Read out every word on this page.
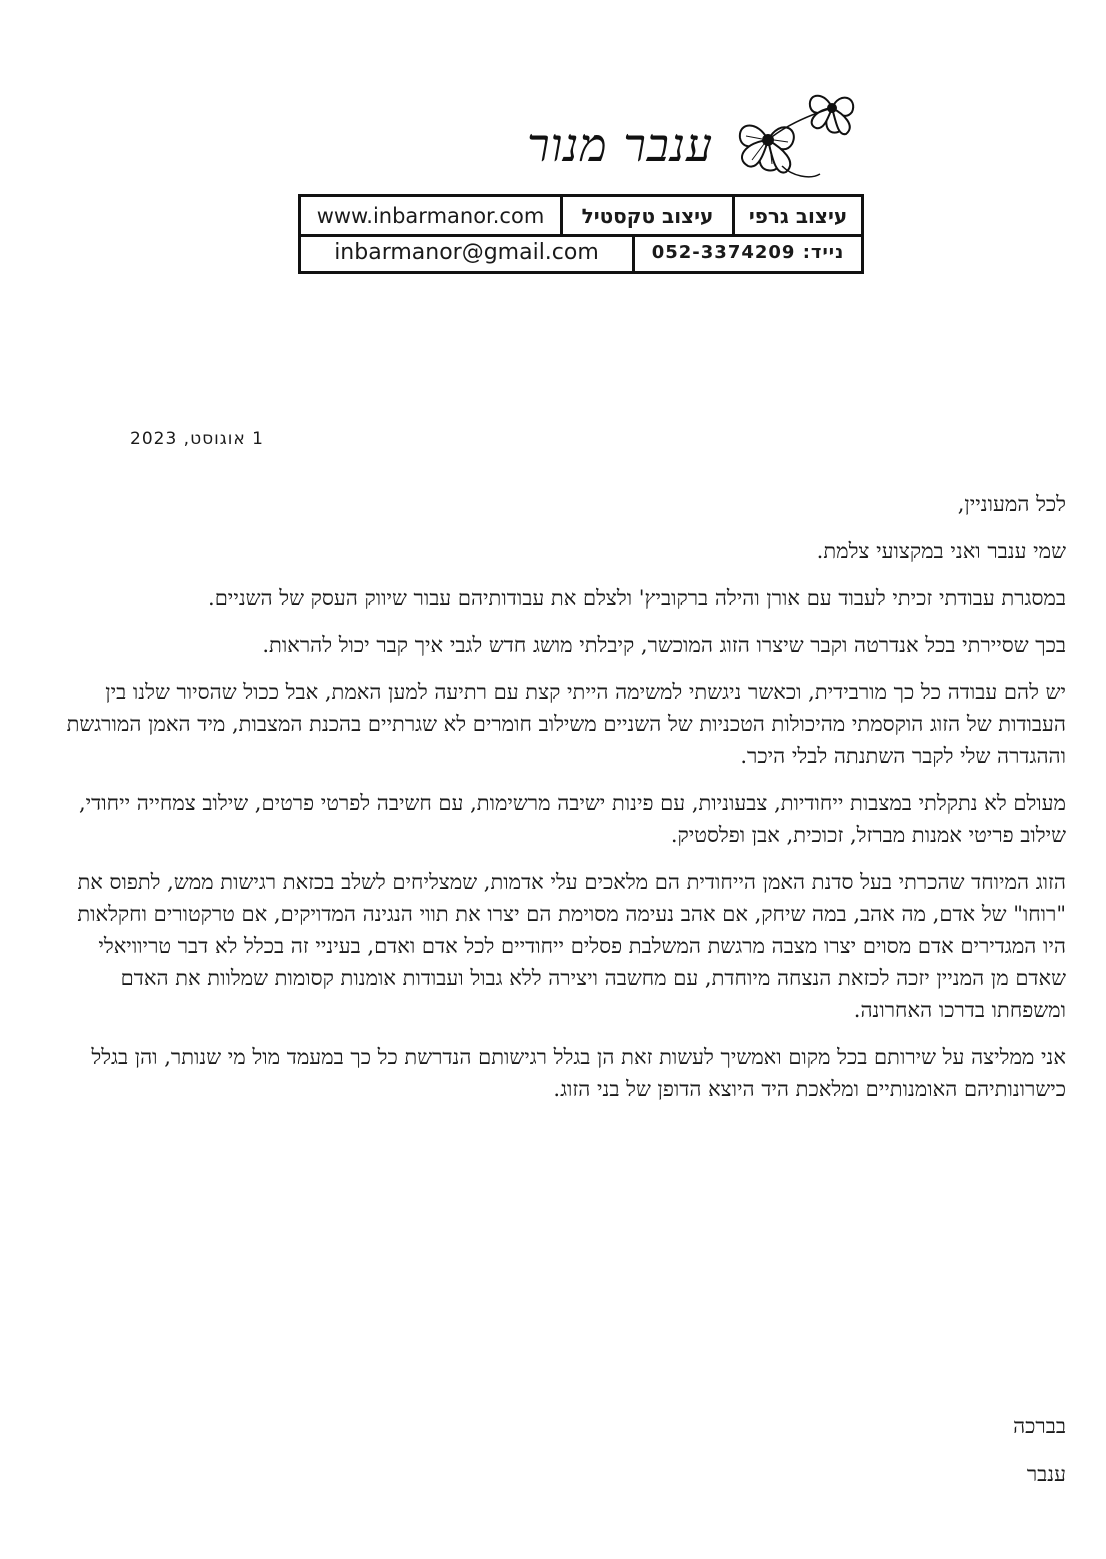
ענבר מנור
www.inbarmanor.com	עיצוב טקסטיל	עיצוב גרפי
inbarmanor@gmail.com	נייד: 052-3374209
1 אוגוסט, 2023

לכל המעוניין,

שמי ענבר ואני במקצועי צלמת.

במסגרת עבודתי זכיתי לעבוד עם אורן והילה ברקוביץ' ולצלם את עבודותיהם עבור שיווק העסק של השניים.

בכך שסיירתי בכל אנדרטה וקבר שיצרו הזוג המוכשר, קיבלתי מושג חדש לגבי איך קבר יכול להראות.

יש להם עבודה כל כך מורבידית, וכאשר ניגשתי למשימה הייתי קצת עם רתיעה למען האמת, אבל ככול שהסיור שלנו בין העבודות של הזוג הוקסמתי מהיכולות הטכניות של השניים משילוב חומרים לא שגרתיים בהכנת המצבות, מיד האמן המורגשת וההגדרה שלי לקבר השתנתה לבלי היכר.

מעולם לא נתקלתי במצבות ייחודיות, צבעוניות, עם פינות ישיבה מרשימות, עם חשיבה לפרטי פרטים, שילוב צמחייה ייחודי, שילוב פריטי אמנות מברזל, זכוכית, אבן ופלסטיק.

הזוג המיוחד שהכרתי בעל סדנת האמן הייחודית הם מלאכים עלי אדמות, שמצליחים לשלב בכזאת רגישות ממש, לתפוס את "רוחו" של אדם, מה אהב, במה שיחק, אם אהב נעימה מסוימת הם יצרו את תווי הנגינה המדויקים, אם טרקטורים וחקלאות היו המגדירים אדם מסוים יצרו מצבה מרגשת המשלבת פסלים ייחודיים לכל אדם ואדם, בעיניי זה בכלל לא דבר טריוויאלי שאדם מן המניין יזכה לכזאת הנצחה מיוחדת, עם מחשבה ויצירה ללא גבול ועבודות אומנות קסומות שמלוות את האדם ומשפחתו בדרכו האחרונה.

אני ממליצה על שירותם בכל מקום ואמשיך לעשות זאת הן בגלל רגישותם הנדרשת כל כך במעמד מול מי שנותר, והן בגלל כישרונותיהם האומנותיים ומלאכת היד היוצא הדופן של בני הזוג.

בברכה
ענבר
